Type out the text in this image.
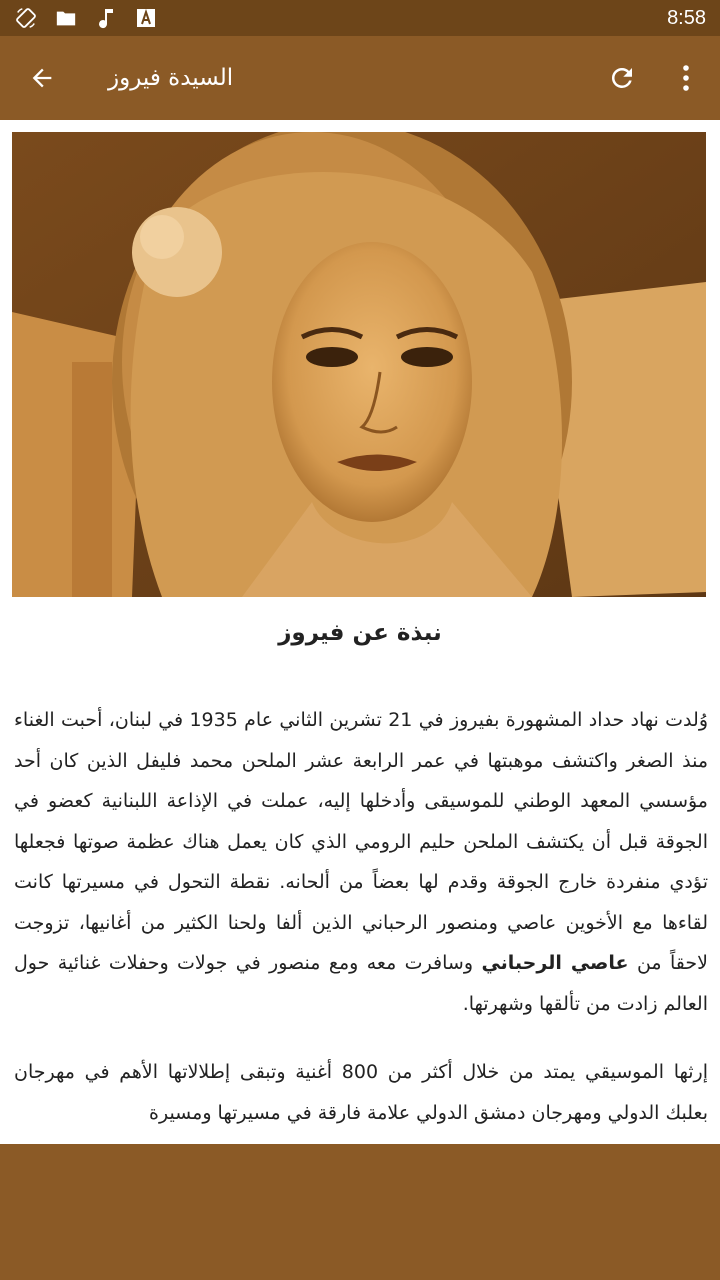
8:58
السيدة فيروز
نبذة عن فيروز

وُلدت نهاد حداد المشهورة بفيروز في 21 تشرين الثاني عام 1935 في لبنان، أحبت الغناء منذ الصغر واكتشف موهبتها في عمر الرابعة عشر الملحن محمد فليفل الذين كان أحد مؤسسي المعهد الوطني للموسيقى وأدخلها إليه، عملت في الإذاعة اللبنانية كعضو في الجوقة قبل أن يكتشف الملحن حليم الرومي الذي كان يعمل هناك عظمة صوتها فجعلها تؤدي منفردة خارج الجوقة وقدم لها بعضاً من ألحانه. نقطة التحول في مسيرتها كانت لقاءها مع الأخوين عاصي ومنصور الرحباني الذين ألفا ولحنا الكثير من أغانيها، تزوجت لاحقاً من عاصي الرحباني وسافرت معه ومع منصور في جولات وحفلات غنائية حول العالم زادت من تألقها وشهرتها.

إرثها الموسيقي يمتد من خلال أكثر من 800 أغنية وتبقى إطلالاتها الأهم في مهرجان بعلبك الدولي ومهرجان دمشق الدولي علامة فارقة في مسيرتها ومسيرة
